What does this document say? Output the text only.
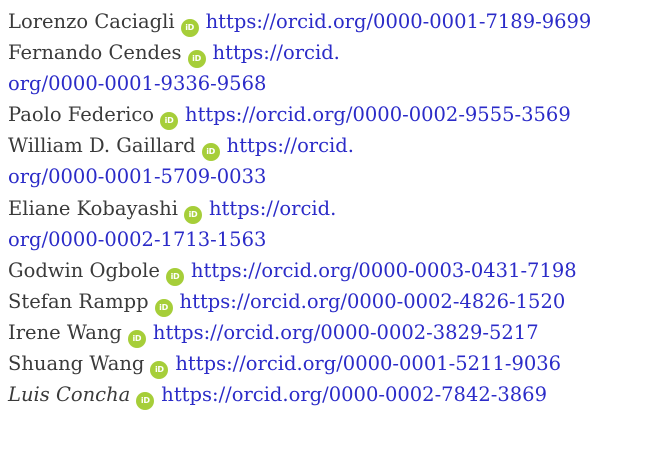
Lorenzo Caciagli iD https://orcid.org/0000-0001-7189-9699
Fernando Cendes iD https://orcid.
org/0000-0001-9336-9568
Paolo Federico iD https://orcid.org/0000-0002-9555-3569
William D. Gaillard iD https://orcid.
org/0000-0001-5709-0033
Eliane Kobayashi iD https://orcid.
org/0000-0002-1713-1563
Godwin Ogbole iD https://orcid.org/0000-0003-0431-7198
Stefan Rampp iD https://orcid.org/0000-0002-4826-1520
Irene Wang iD https://orcid.org/0000-0002-3829-5217
Shuang Wang iD https://orcid.org/0000-0001-5211-9036
Luis Concha iD https://orcid.org/0000-0002-7842-3869
